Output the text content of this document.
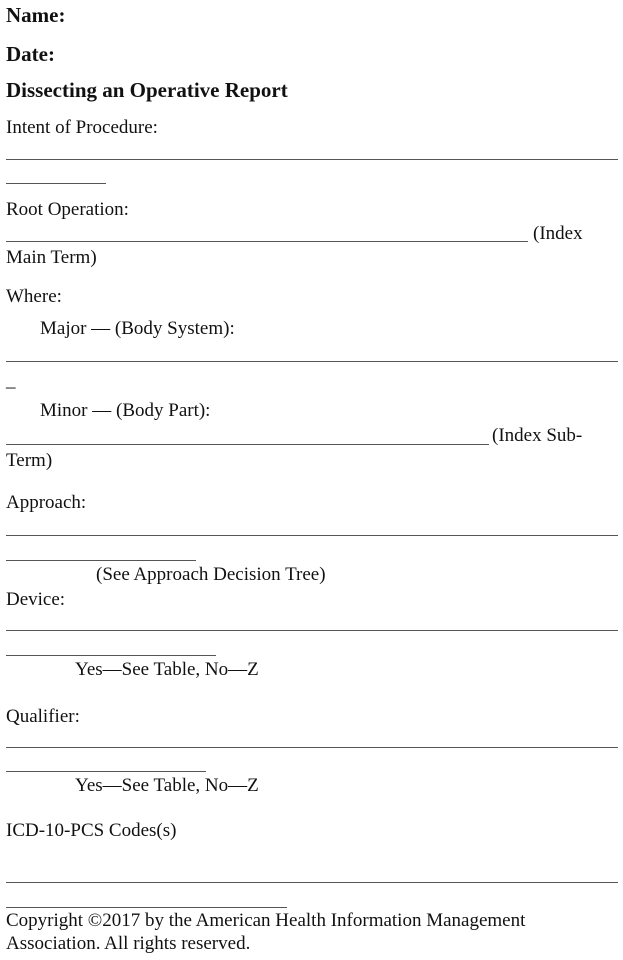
Name:
Date:
Dissecting an Operative Report
Intent of Procedure:
Root Operation:
(Index
Main Term)
Where:
Major — (Body System):
_
Minor — (Body Part):
(Index Sub-
Term)
Approach:
(See Approach Decision Tree)
Device:
Yes—See Table, No—Z
Qualifier:
Yes—See Table, No—Z
ICD-10-PCS Codes(s)
Copyright ©2017 by the American Health Information Management
Association. All rights reserved.
